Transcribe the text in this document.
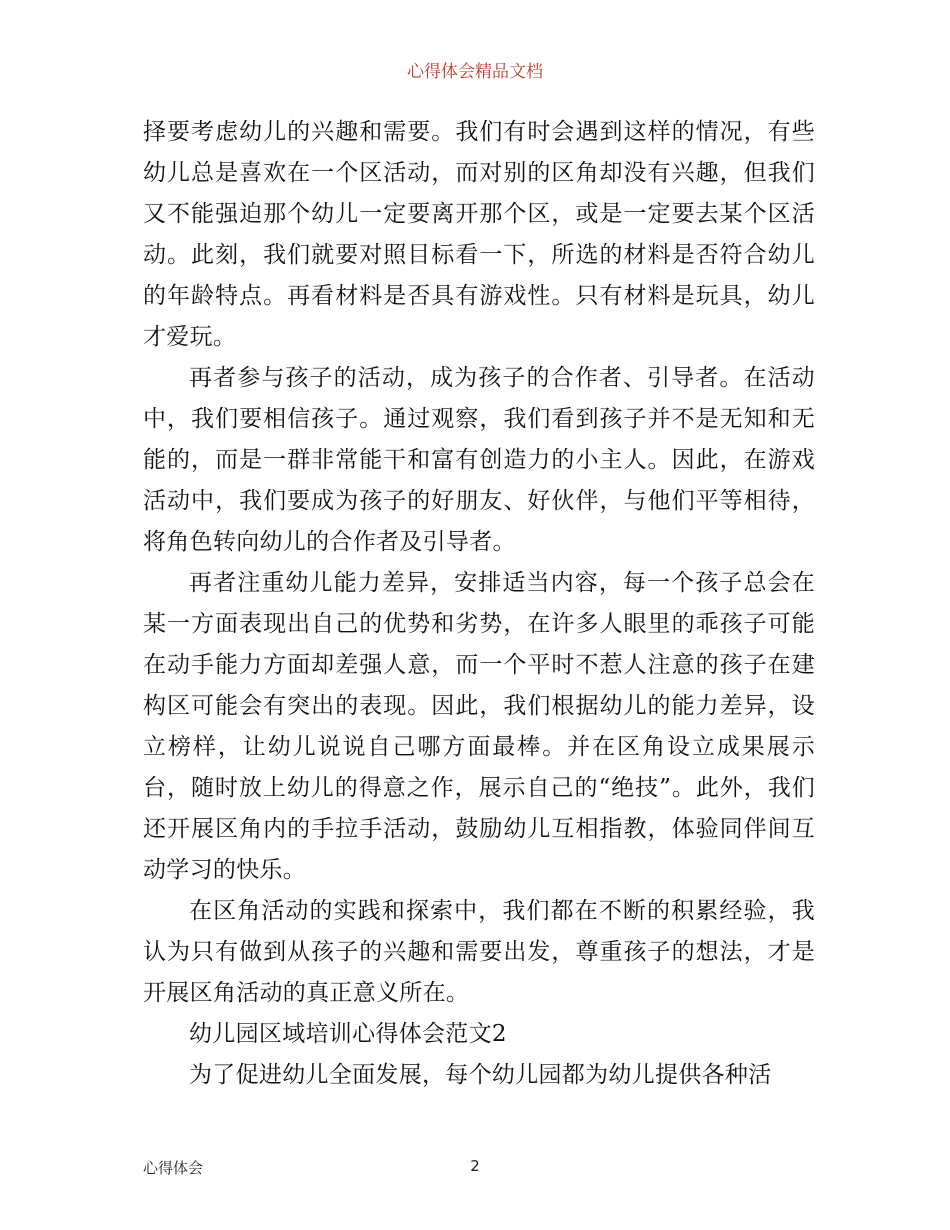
心得体会精品文档

择要考虑幼儿的兴趣和需要。我们有时会遇到这样的情况，有些幼儿总是喜欢在一个区活动，而对别的区角却没有兴趣，但我们又不能强迫那个幼儿一定要离开那个区，或是一定要去某个区活动。此刻，我们就要对照目标看一下，所选的材料是否符合幼儿的年龄特点。再看材料是否具有游戏性。只有材料是玩具，幼儿才爱玩。

再者参与孩子的活动，成为孩子的合作者、引导者。在活动中，我们要相信孩子。通过观察，我们看到孩子并不是无知和无能的，而是一群非常能干和富有创造力的小主人。因此，在游戏活动中，我们要成为孩子的好朋友、好伙伴，与他们平等相待，将角色转向幼儿的合作者及引导者。

再者注重幼儿能力差异，安排适当内容，每一个孩子总会在某一方面表现出自己的优势和劣势，在许多人眼里的乖孩子可能在动手能力方面却差强人意，而一个平时不惹人注意的孩子在建构区可能会有突出的表现。因此，我们根据幼儿的能力差异，设立榜样，让幼儿说说自己哪方面最棒。并在区角设立成果展示台，随时放上幼儿的得意之作，展示自己的“绝技”。此外，我们还开展区角内的手拉手活动，鼓励幼儿互相指教，体验同伴间互动学习的快乐。

在区角活动的实践和探索中，我们都在不断的积累经验，我认为只有做到从孩子的兴趣和需要出发，尊重孩子的想法，才是开展区角活动的真正意义所在。

幼儿园区域培训心得体会范文2

为了促进幼儿全面发展，每个幼儿园都为幼儿提供各种活

心得体会	2
